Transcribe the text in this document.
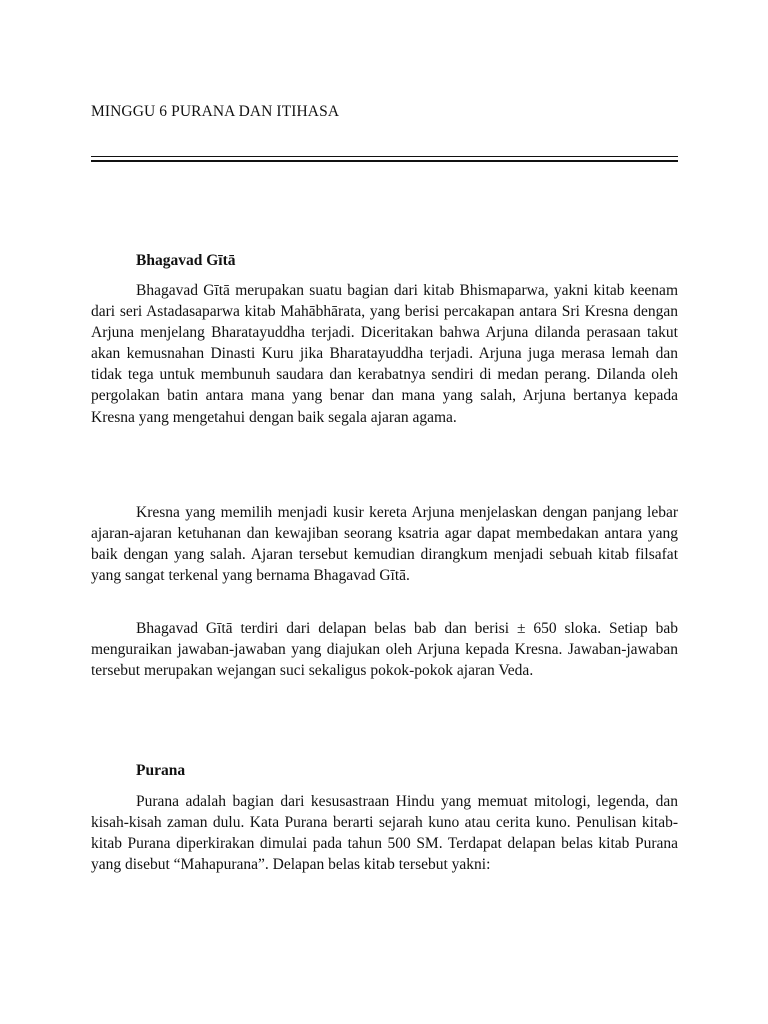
MINGGU 6 PURANA DAN ITIHASA
Bhagavad Gītā

Bhagavad Gītā merupakan suatu bagian dari kitab Bhismaparwa, yakni kitab keenam dari seri Astadasaparwa kitab Mahābhārata, yang berisi percakapan antara Sri Kresna dengan Arjuna menjelang Bharatayuddha terjadi. Diceritakan bahwa Arjuna dilanda perasaan takut akan kemusnahan Dinasti Kuru jika Bharatayuddha terjadi. Arjuna juga merasa lemah dan tidak tega untuk membunuh saudara dan kerabatnya sendiri di medan perang. Dilanda oleh pergolakan batin antara mana yang benar dan mana yang salah, Arjuna bertanya kepada Kresna yang mengetahui dengan baik segala ajaran agama.

Kresna yang memilih menjadi kusir kereta Arjuna menjelaskan dengan panjang lebar ajaran-ajaran ketuhanan dan kewajiban seorang ksatria agar dapat membedakan antara yang baik dengan yang salah. Ajaran tersebut kemudian dirangkum menjadi sebuah kitab filsafat yang sangat terkenal yang bernama Bhagavad Gītā.

Bhagavad Gītā terdiri dari delapan belas bab dan berisi ± 650 sloka. Setiap bab menguraikan jawaban-jawaban yang diajukan oleh Arjuna kepada Kresna. Jawaban-jawaban tersebut merupakan wejangan suci sekaligus pokok-pokok ajaran Veda.

Purana

Purana adalah bagian dari kesusastraan Hindu yang memuat mitologi, legenda, dan kisah-kisah zaman dulu. Kata Purana berarti sejarah kuno atau cerita kuno. Penulisan kitab-kitab Purana diperkirakan dimulai pada tahun 500 SM. Terdapat delapan belas kitab Purana yang disebut “Mahapurana”. Delapan belas kitab tersebut yakni:
